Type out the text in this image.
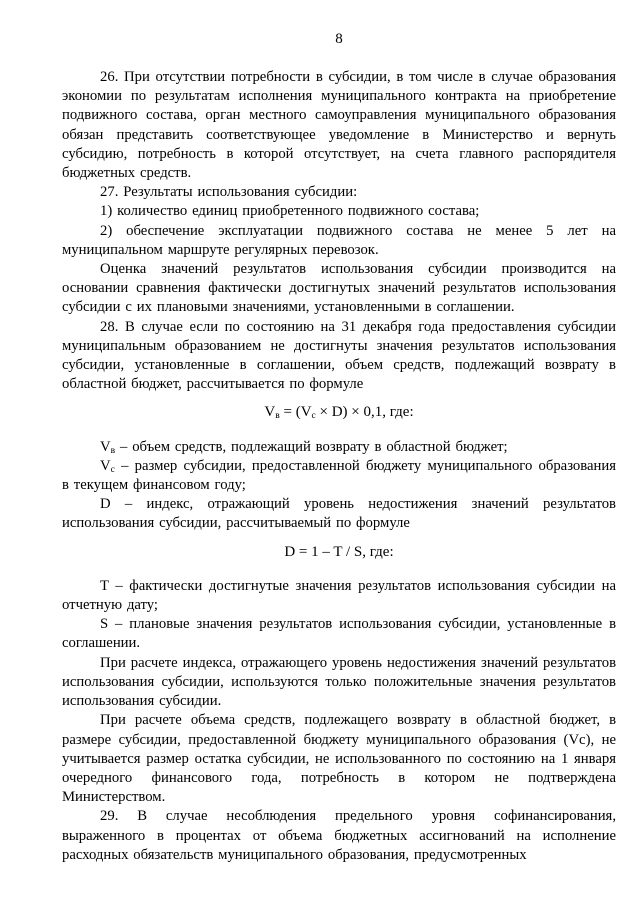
8

26. При отсутствии потребности в субсидии, в том числе в случае образования экономии по результатам исполнения муниципального контракта на приобретение подвижного состава, орган местного самоуправления муниципального образования обязан представить соответствующее уведомление в Министерство и вернуть субсидию, потребность в которой отсутствует, на счета главного распорядителя бюджетных средств.

27. Результаты использования субсидии:

1) количество единиц приобретенного подвижного состава;

2) обеспечение эксплуатации подвижного состава не менее 5 лет на муниципальном маршруте регулярных перевозок.

Оценка значений результатов использования субсидии производится на основании сравнения фактически достигнутых значений результатов использования субсидии с их плановыми значениями, установленными в соглашении.

28. В случае если по состоянию на 31 декабря года предоставления субсидии муниципальным образованием не достигнуты значения результатов использования субсидии, установленные в соглашении, объем средств, подлежащий возврату в областной бюджет, рассчитывается по формуле

$V_в = (V_с \times D) \times 0,1$, где:

$V_в$ – объем средств, подлежащий возврату в областной бюджет;

$V_с$ – размер субсидии, предоставленной бюджету муниципального образования в текущем финансовом году;

D – индекс, отражающий уровень недостижения значений результатов использования субсидии, рассчитываемый по формуле

D = 1 – T / S, где:

T – фактически достигнутые значения результатов использования субсидии на отчетную дату;

S – плановые значения результатов использования субсидии, установленные в соглашении.

При расчете индекса, отражающего уровень недостижения значений результатов использования субсидии, используются только положительные значения результатов использования субсидии.

При расчете объема средств, подлежащего возврату в областной бюджет, в размере субсидии, предоставленной бюджету муниципального образования (Vс), не учитывается размер остатка субсидии, не использованного по состоянию на 1 января очередного финансового года, потребность в котором не подтверждена Министерством.

29. В случае несоблюдения предельного уровня софинансирования, выраженного в процентах от объема бюджетных ассигнований на исполнение расходных обязательств муниципального образования, предусмотренных
